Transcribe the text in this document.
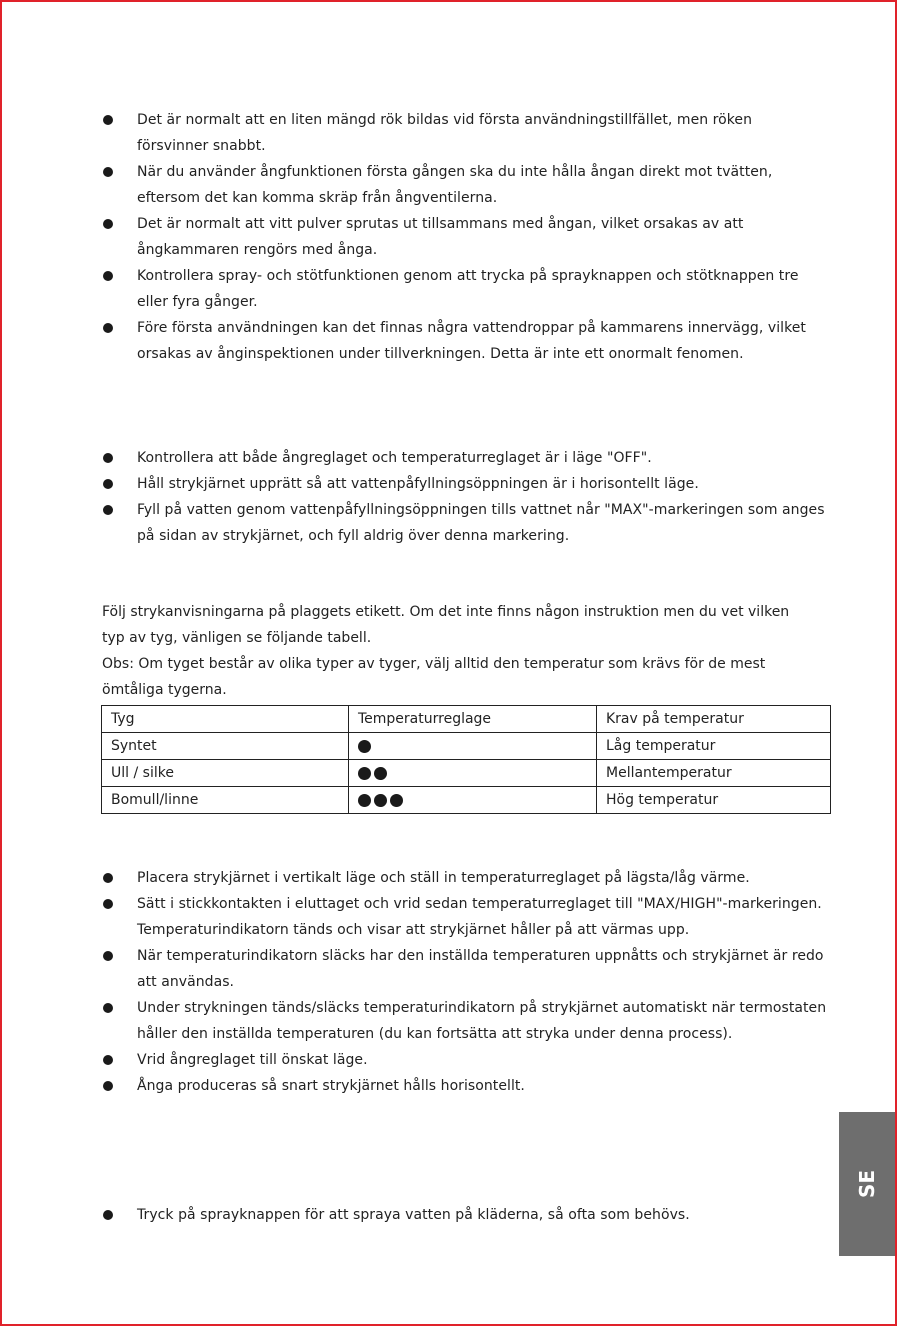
Det är normalt att en liten mängd rök bildas vid första användningstillfället, men röken försvinner snabbt.
När du använder ångfunktionen första gången ska du inte hålla ångan direkt mot tvätten, eftersom det kan komma skräp från ångventilerna.
Det är normalt att vitt pulver sprutas ut tillsammans med ångan, vilket orsakas av att ångkammaren rengörs med ånga.
Kontrollera spray- och stötfunktionen genom att trycka på sprayknappen och stötknappen tre eller fyra gånger.
Före första användningen kan det finnas några vattendroppar på kammarens innervägg, vilket orsakas av ånginspektionen under tillverkningen. Detta är inte ett onormalt fenomen.
Kontrollera att både ångreglaget och temperaturreglaget är i läge "OFF".
Håll strykjärnet upprätt så att vattenpåfyllningsöppningen är i horisontellt läge.
Fyll på vatten genom vattenpåfyllningsöppningen tills vattnet når "MAX"-markeringen som anges på sidan av strykjärnet, och fyll aldrig över denna markering.

Följ strykanvisningarna på plaggets etikett. Om det inte finns någon instruktion men du vet vilken typ av tyg, vänligen se följande tabell.

Obs: Om tyget består av olika typer av tyger, välj alltid den temperatur som krävs för de mest ömtåliga tygerna.

Tyg	Temperaturreglage	Krav på temperatur
Syntet		Låg temperatur
Ull / silke		Mellantemperatur
Bomull/linne		Hög temperatur
Placera strykjärnet i vertikalt läge och ställ in temperaturreglaget på lägsta/låg värme.
Sätt i stickkontakten i eluttaget och vrid sedan temperaturreglaget till "MAX/HIGH"-markeringen. Temperaturindikatorn tänds och visar att strykjärnet håller på att värmas upp.
När temperaturindikatorn släcks har den inställda temperaturen uppnåtts och strykjärnet är redo att användas.
Under strykningen tänds/släcks temperaturindikatorn på strykjärnet automatiskt när termostaten håller den inställda temperaturen (du kan fortsätta att stryka under denna process).
Vrid ångreglaget till önskat läge.
Ånga produceras så snart strykjärnet hålls horisontellt.
Tryck på sprayknappen för att spraya vatten på kläderna, så ofta som behövs.
SE
